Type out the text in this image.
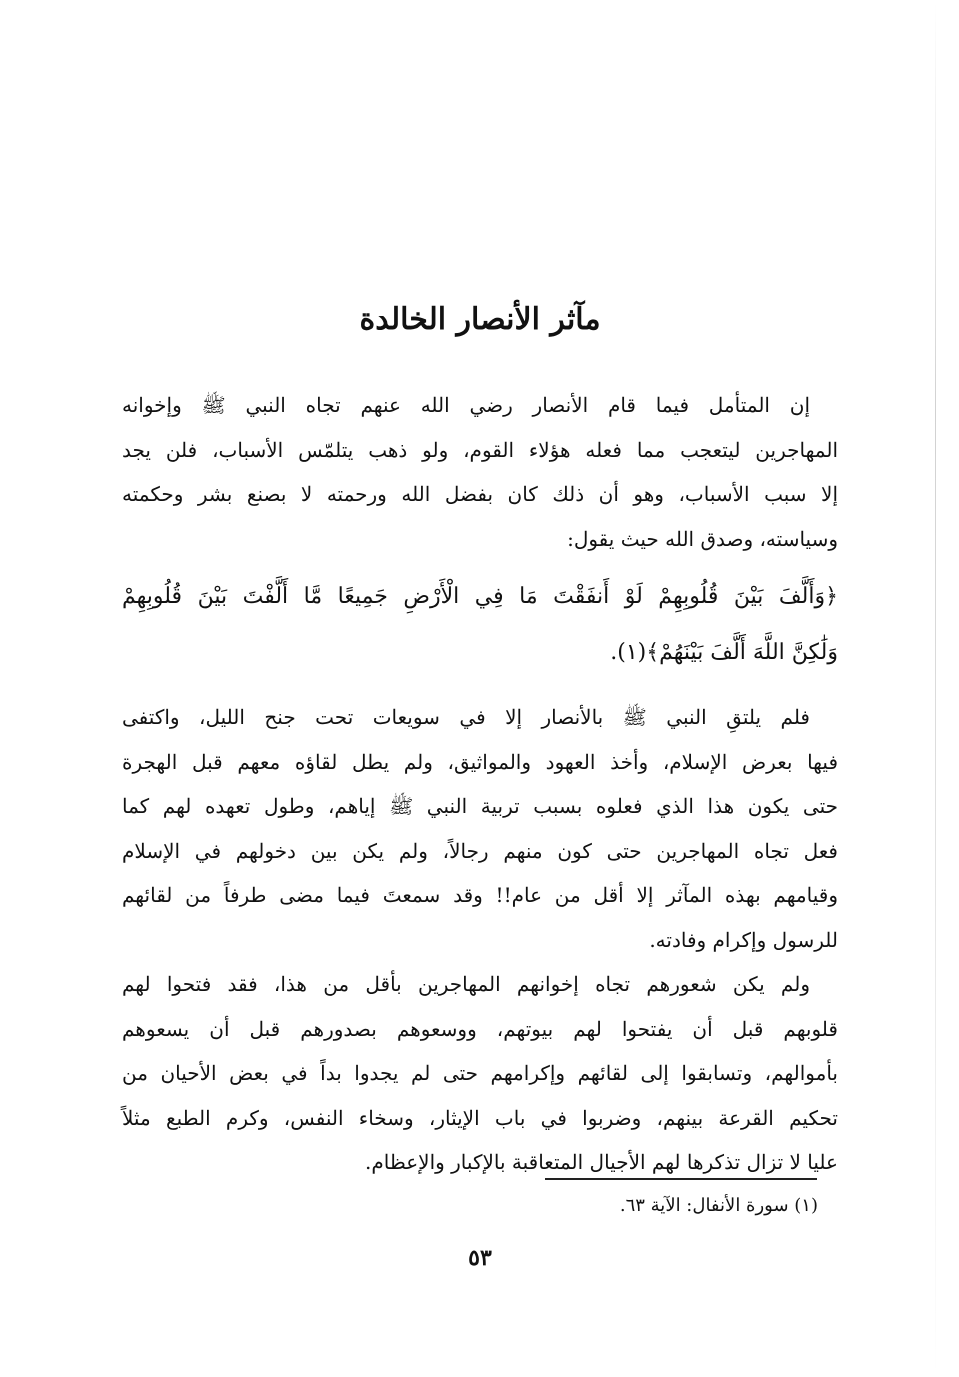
مآثر الأنصار الخالدة

إن المتأمل فيما قام الأنصار رضي الله عنهم تجاه النبي ﷺ وإخوانه
المهاجرين ليتعجب مما فعله هؤلاء القوم، ولو ذهب يتلمّس الأسباب، فلن يجد
إلا سبب الأسباب، وهو أن ذلك كان بفضل الله ورحمته لا بصنع بشر وحكمته
وسياسته، وصدق الله حيث يقول:

﴿وَأَلَّفَ بَيْنَ قُلُوبِهِمْ لَوْ أَنفَقْتَ مَا فِي الْأَرْضِ جَمِيعًا مَّا أَلَّفْتَ بَيْنَ قُلُوبِهِمْ
وَلَٰكِنَّ اللَّهَ أَلَّفَ بَيْنَهُمْ﴾(١).

فلم يلتقِ النبي ﷺ بالأنصار إلا في سويعات تحت جنح الليل، واكتفى
فيها بعرض الإسلام، وأخذ العهود والمواثيق، ولم يطل لقاؤه معهم قبل الهجرة
حتى يكون هذا الذي فعلوه بسبب تربية النبي ﷺ إياهم، وطول تعهده لهم كما
فعل تجاه المهاجرين حتى كون منهم رجالاً، ولم يكن بين دخولهم في الإسلام
وقيامهم بهذه المآثر إلا أقل من عام!! وقد سمعتَ فيما مضى طرفاً من لقائهم
للرسول وإكرام وفادته.

ولم يكن شعورهم تجاه إخوانهم المهاجرين بأقل من هذا، فقد فتحوا لهم
قلوبهم قبل أن يفتحوا لهم بيوتهم، ووسعوهم بصدورهم قبل أن يسعوهم
بأموالهم، وتسابقوا إلى لقائهم وإكرامهم حتى لم يجدوا بداً في بعض الأحيان من
تحكيم القرعة بينهم، وضربوا في باب الإيثار، وسخاء النفس، وكرم الطبع مثلاً
عليا لا تزال تذكرها لهم الأجيال المتعاقبة بالإكبار والإعظام.

(١) سورة الأنفال: الآية ٦٣.
٥٣
